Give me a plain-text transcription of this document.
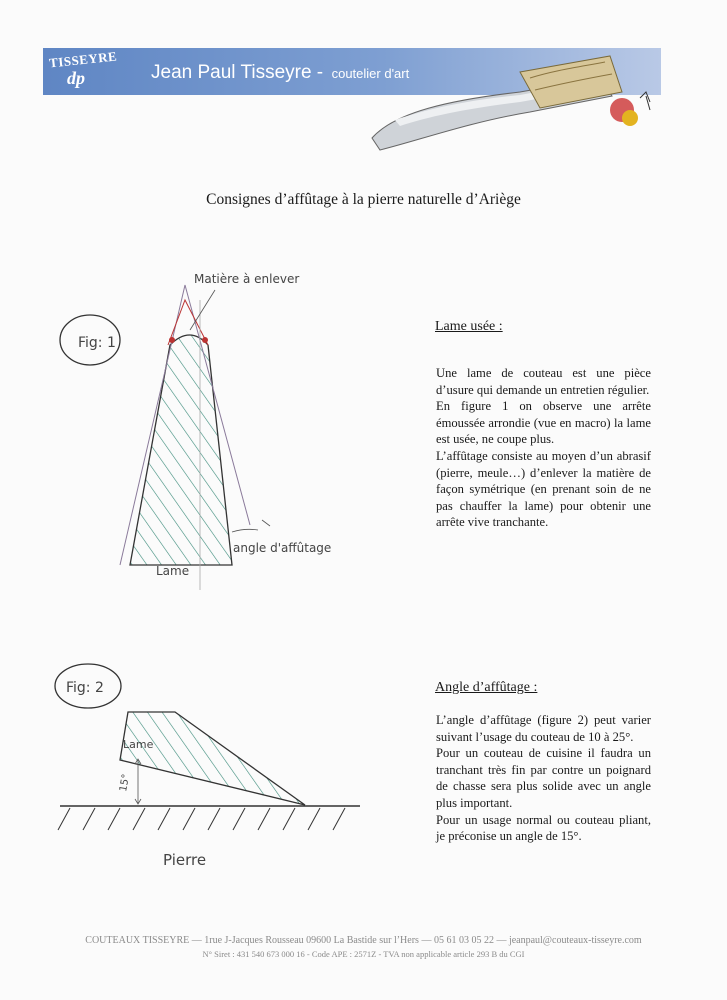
TISSEYRE
dp	Jean Paul Tisseyre - coutelier d'art
Fig: 1
Matière à enlever
Lame
angle d'affûtage
Fig: 2
Lame
15°
Pierre
Consignes d’affûtage à la pierre naturelle d’Ariège
Lame usée :
Une lame de couteau est une pièce d’usure qui demande un entretien régulier.
En figure 1 on observe une arrête émoussée arrondie (vue en macro) la lame est usée, ne coupe plus.
L’affûtage consiste au moyen d’un abrasif (pierre, meule…) d’enlever la matière de façon symétrique (en prenant soin de ne pas chauffer la lame) pour obtenir une arrête vive tranchante.
Angle d’affûtage :
L’angle d’affûtage (figure 2) peut varier suivant l’usage du couteau de 10 à 25°.
Pour un couteau de cuisine il faudra un tranchant très fin par contre un poignard de chasse sera plus solide avec un angle plus important.
Pour un usage normal ou couteau pliant, je préconise un angle de 15°.
COUTEAUX TISSEYRE — 1rue J-Jacques Rousseau 09600 La Bastide sur l’Hers — 05 61 03 05 22 — jeanpaul@couteaux-tisseyre.com
N° Siret : 431 540 673 000 16 - Code APE : 2571Z - TVA non applicable article 293 B du CGI
